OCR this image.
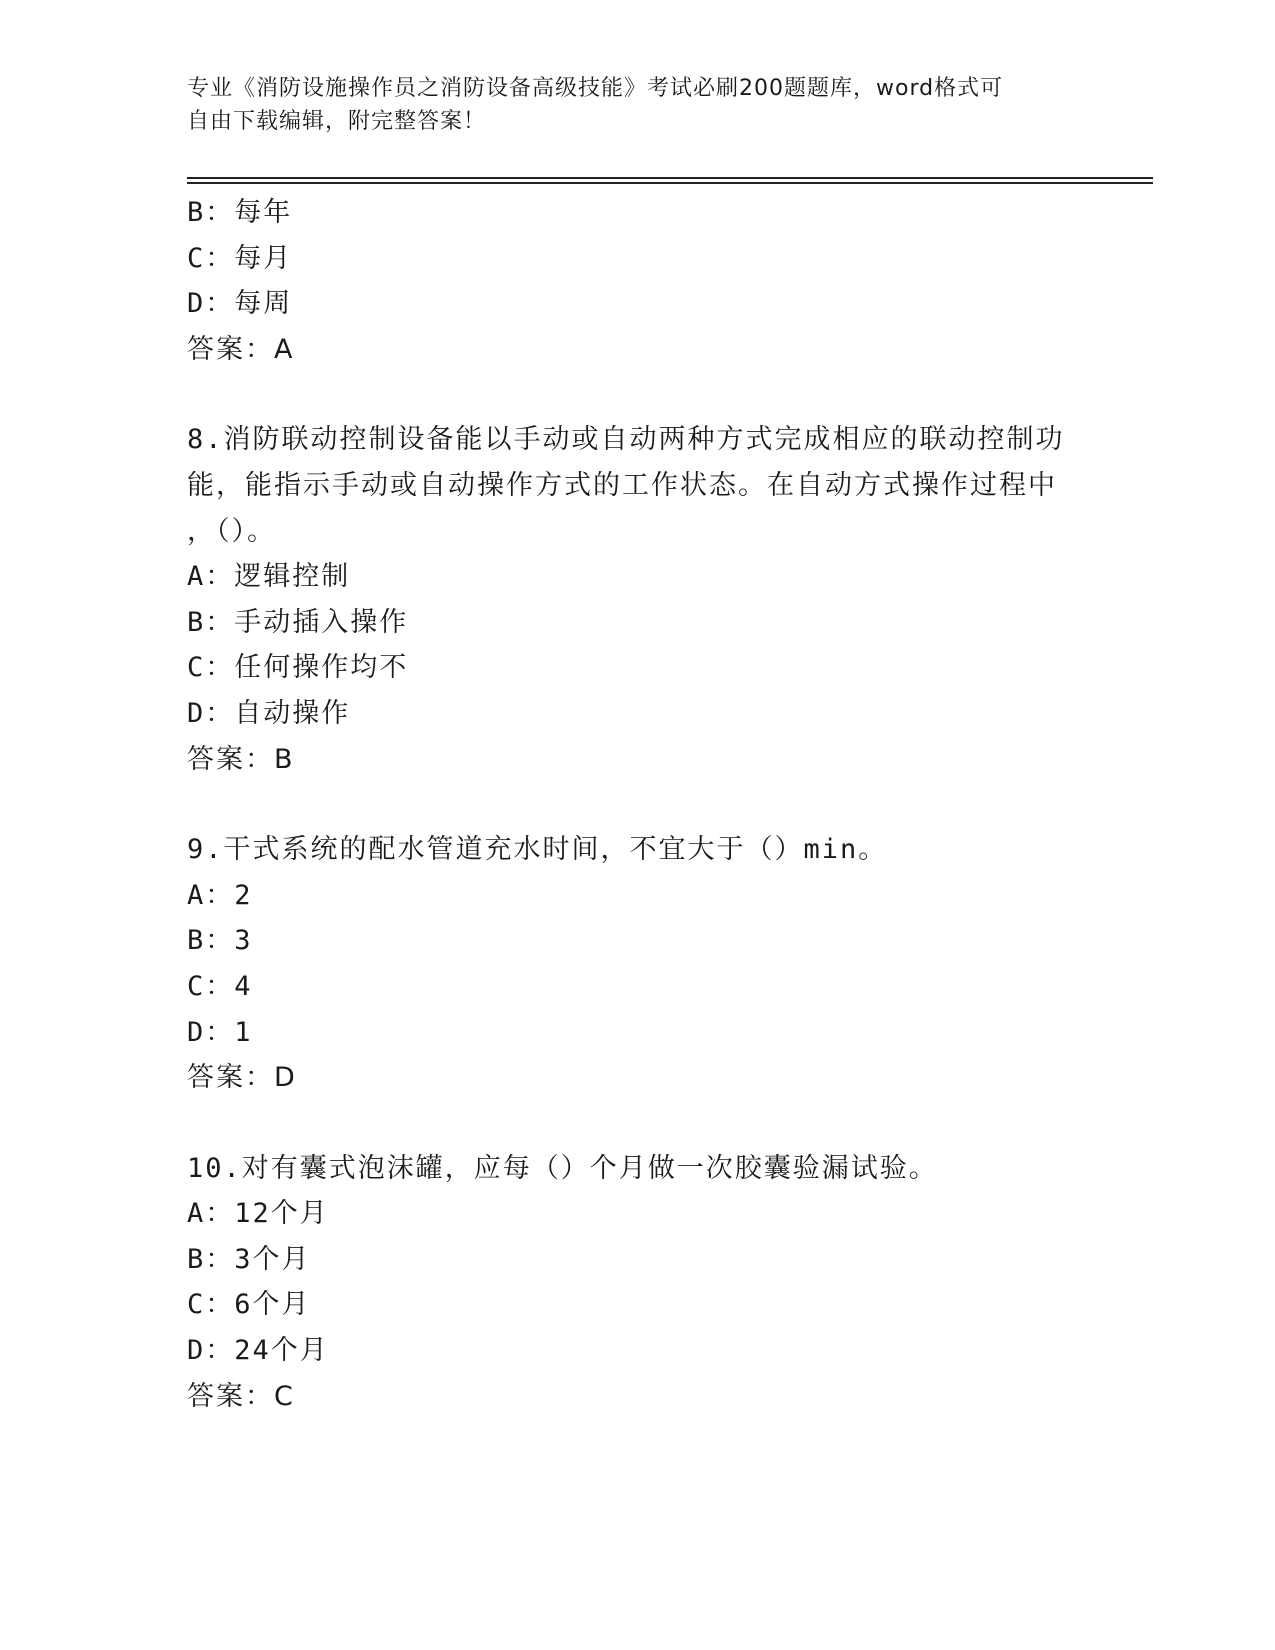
专业《消防设施操作员之消防设备高级技能》考试必刷200题题库，word格式可
自由下载编辑，附完整答案！

B：每年
C：每月
D：每周
答案：A
8.消防联动控制设备能以手动或自动两种方式完成相应的联动控制功
能，能指示手动或自动操作方式的工作状态。在自动方式操作过程中
，（）。
A：逻辑控制
B：手动插入操作
C：任何操作均不
D：自动操作
答案：B
9.干式系统的配水管道充水时间，不宜大于（）min。
A：2
B：3
C：4
D：1
答案：D
10.对有囊式泡沫罐，应每（）个月做一次胶囊验漏试验。
A：12个月
B：3个月
C：6个月
D：24个月
答案：C
